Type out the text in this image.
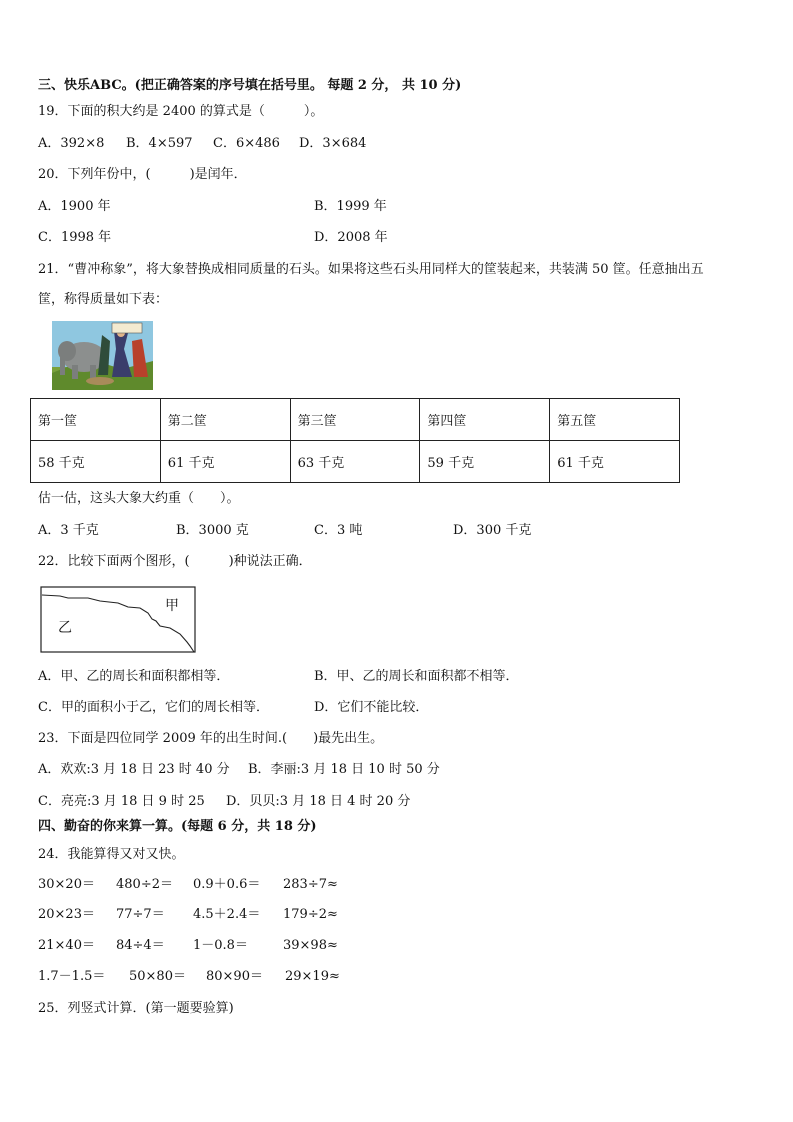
三、快乐ABC。(把正确答案的序号填在括号里。 每题 2 分， 共 10 分)
19．下面的积大约是 2400 的算式是（　　　）。
A．392×8 B．4×597 C．6×486 D．3×684
20．下列年份中，(　　　)是闰年．
A．1900 年	B．1999 年
C．1998 年	D．2008 年
21．“曹冲称象”，将大象替换成相同质量的石头。如果将这些石头用同样大的筐装起来，共装满 50 筐。任意抽出五
筐，称得质量如下表：
第一筐	第二筐	第三筐	第四筐	第五筐
58 千克	61 千克	63 千克	59 千克	61 千克
估一估，这头大象大约重（　　）。
A．3 千克	B．3000 克	C．3 吨	D．300 千克
22．比较下面两个图形，(　　　)种说法正确．
甲
乙
A．甲、乙的周长和面积都相等．	B．甲、乙的周长和面积都不相等．
C．甲的面积小于乙，它们的周长相等．	D．它们不能比较．
23．下面是四位同学 2009 年的出生时间.(　　)最先出生。
A．欢欢:3 月 18 日 23 时 40 分 B．李丽:3 月 18 日 10 时 50 分
C．亮亮:3 月 18 日 9 时 25 D．贝贝:3 月 18 日 4 时 20 分
四、勤奋的你来算一算。(每题 6 分，共 18 分)
24．我能算得又对又快。
30×20＝ 480÷2＝ 0.9＋0.6＝ 283÷7≈
20×23＝ 77÷7＝ 4.5＋2.4＝ 179÷2≈
21×40＝ 84÷4＝ 1－0.8＝	39×98≈
1.7－1.5＝ 50×80＝ 80×90＝ 29×19≈
25．列竖式计算．(第一题要验算)
